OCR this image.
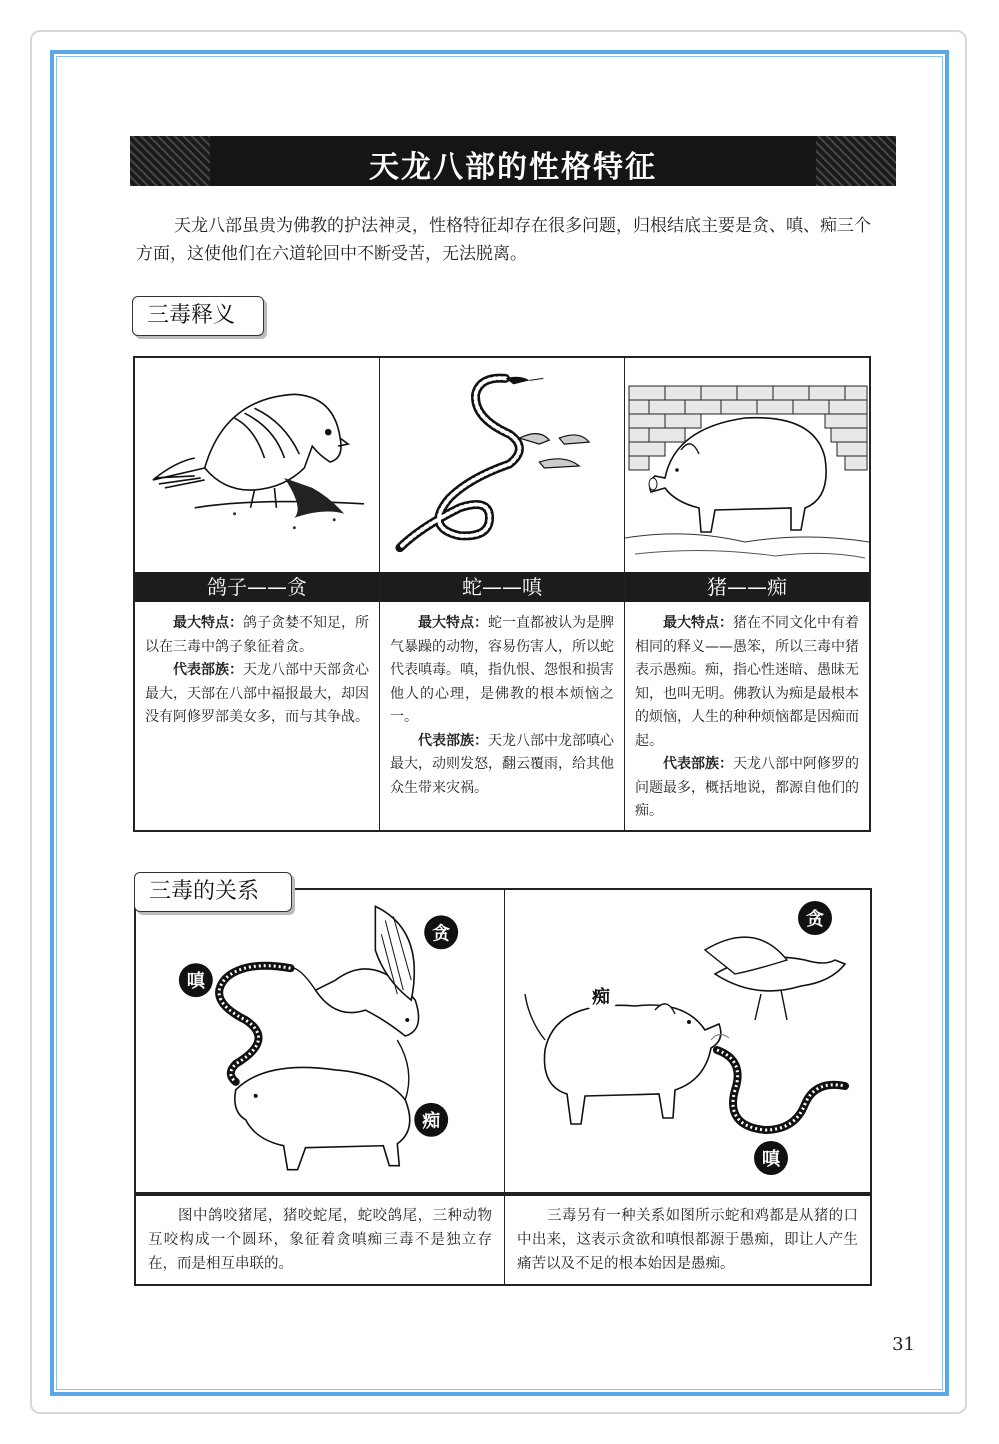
天龙八部的性格特征
天龙八部虽贵为佛教的护法神灵，性格特征却存在很多问题，归根结底主要是贪、嗔、痴三个方面，这使他们在六道轮回中不断受苦，无法脱离。
三毒释义
鸽子——贪

最大特点：鸽子贪婪不知足，所以在三毒中鸽子象征着贪。

代表部族：天龙八部中天部贪心最大，天部在八部中福报最大，却因没有阿修罗部美女多，而与其争战。

蛇——嗔

最大特点：蛇一直都被认为是脾气暴躁的动物，容易伤害人，所以蛇代表嗔毒。嗔，指仇恨、怨恨和损害他人的心理，是佛教的根本烦恼之一。

代表部族：天龙八部中龙部嗔心最大，动则发怒，翻云覆雨，给其他众生带来灾祸。

猪——痴

最大特点：猪在不同文化中有着相同的释义——愚笨，所以三毒中猪表示愚痴。痴，指心性迷暗、愚昧无知，也叫无明。佛教认为痴是最根本的烦恼，人生的种种烦恼都是因痴而起。

代表部族：天龙八部中阿修罗的问题最多，概括地说，都源自他们的痴。

贪
嗔
痴
图中鸽咬猪尾，猪咬蛇尾，蛇咬鸽尾，三种动物互咬构成一个圆环，象征着贪嗔痴三毒不是独立存在，而是相互串联的。
贪
痴
嗔
三毒另有一种关系如图所示蛇和鸡都是从猪的口中出来，这表示贪欲和嗔恨都源于愚痴，即让人产生痛苦以及不足的根本始因是愚痴。
三毒的关系
31
